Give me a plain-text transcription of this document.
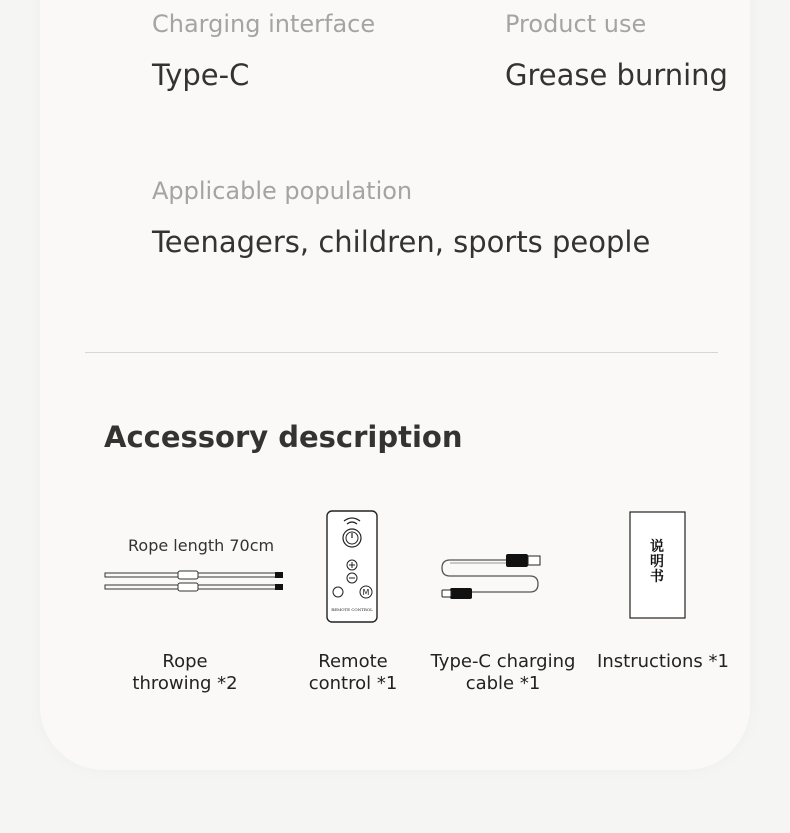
Charging interface
Type-C
Product use
Grease burning
Applicable population
Teenagers, children, sports people
Accessory description
Rope length 70cm
M
REMOTE CONTROL
说明书
Rope
throwing *2
Remote
control *1
Type-C charging
cable *1
Instructions *1
